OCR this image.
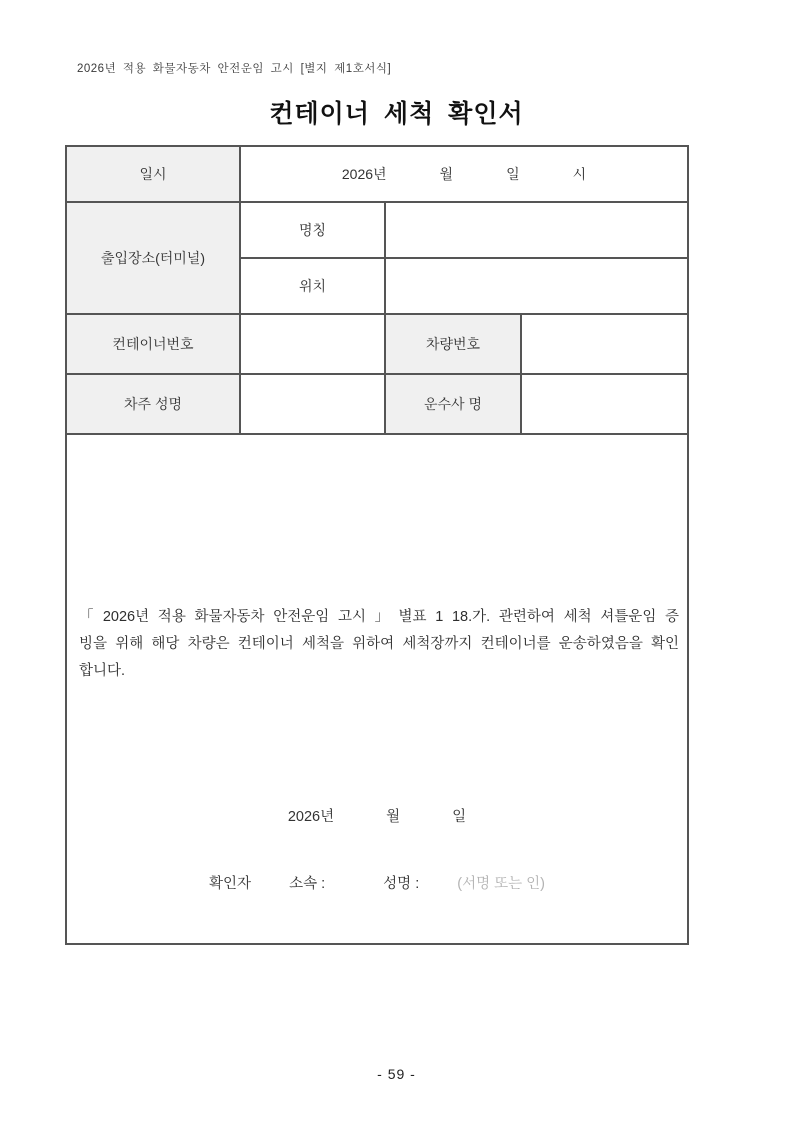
2026년 적용 화물자동차 안전운임 고시 [별지 제1호서식]
컨테이너 세척 확인서
일시	2026년 월 일 시		

출입장소(터미널)	명칭		
	위치		
컨테이너번호		차량번호	
차주 성명		운수사 명	

「 2026년 적용 화물자동차 안전운임 고시 」 별표 1 18.가. 관련하여 세척 셔틀운임 증빙을 위해 해당 차량은 컨테이너 세척을 위하여 세척장까지 컨테이너를 운송하였음을 확인합니다.

2026년	월	일
확인자	소속 :	성명 :	(서명 또는 인)
- 59 -
